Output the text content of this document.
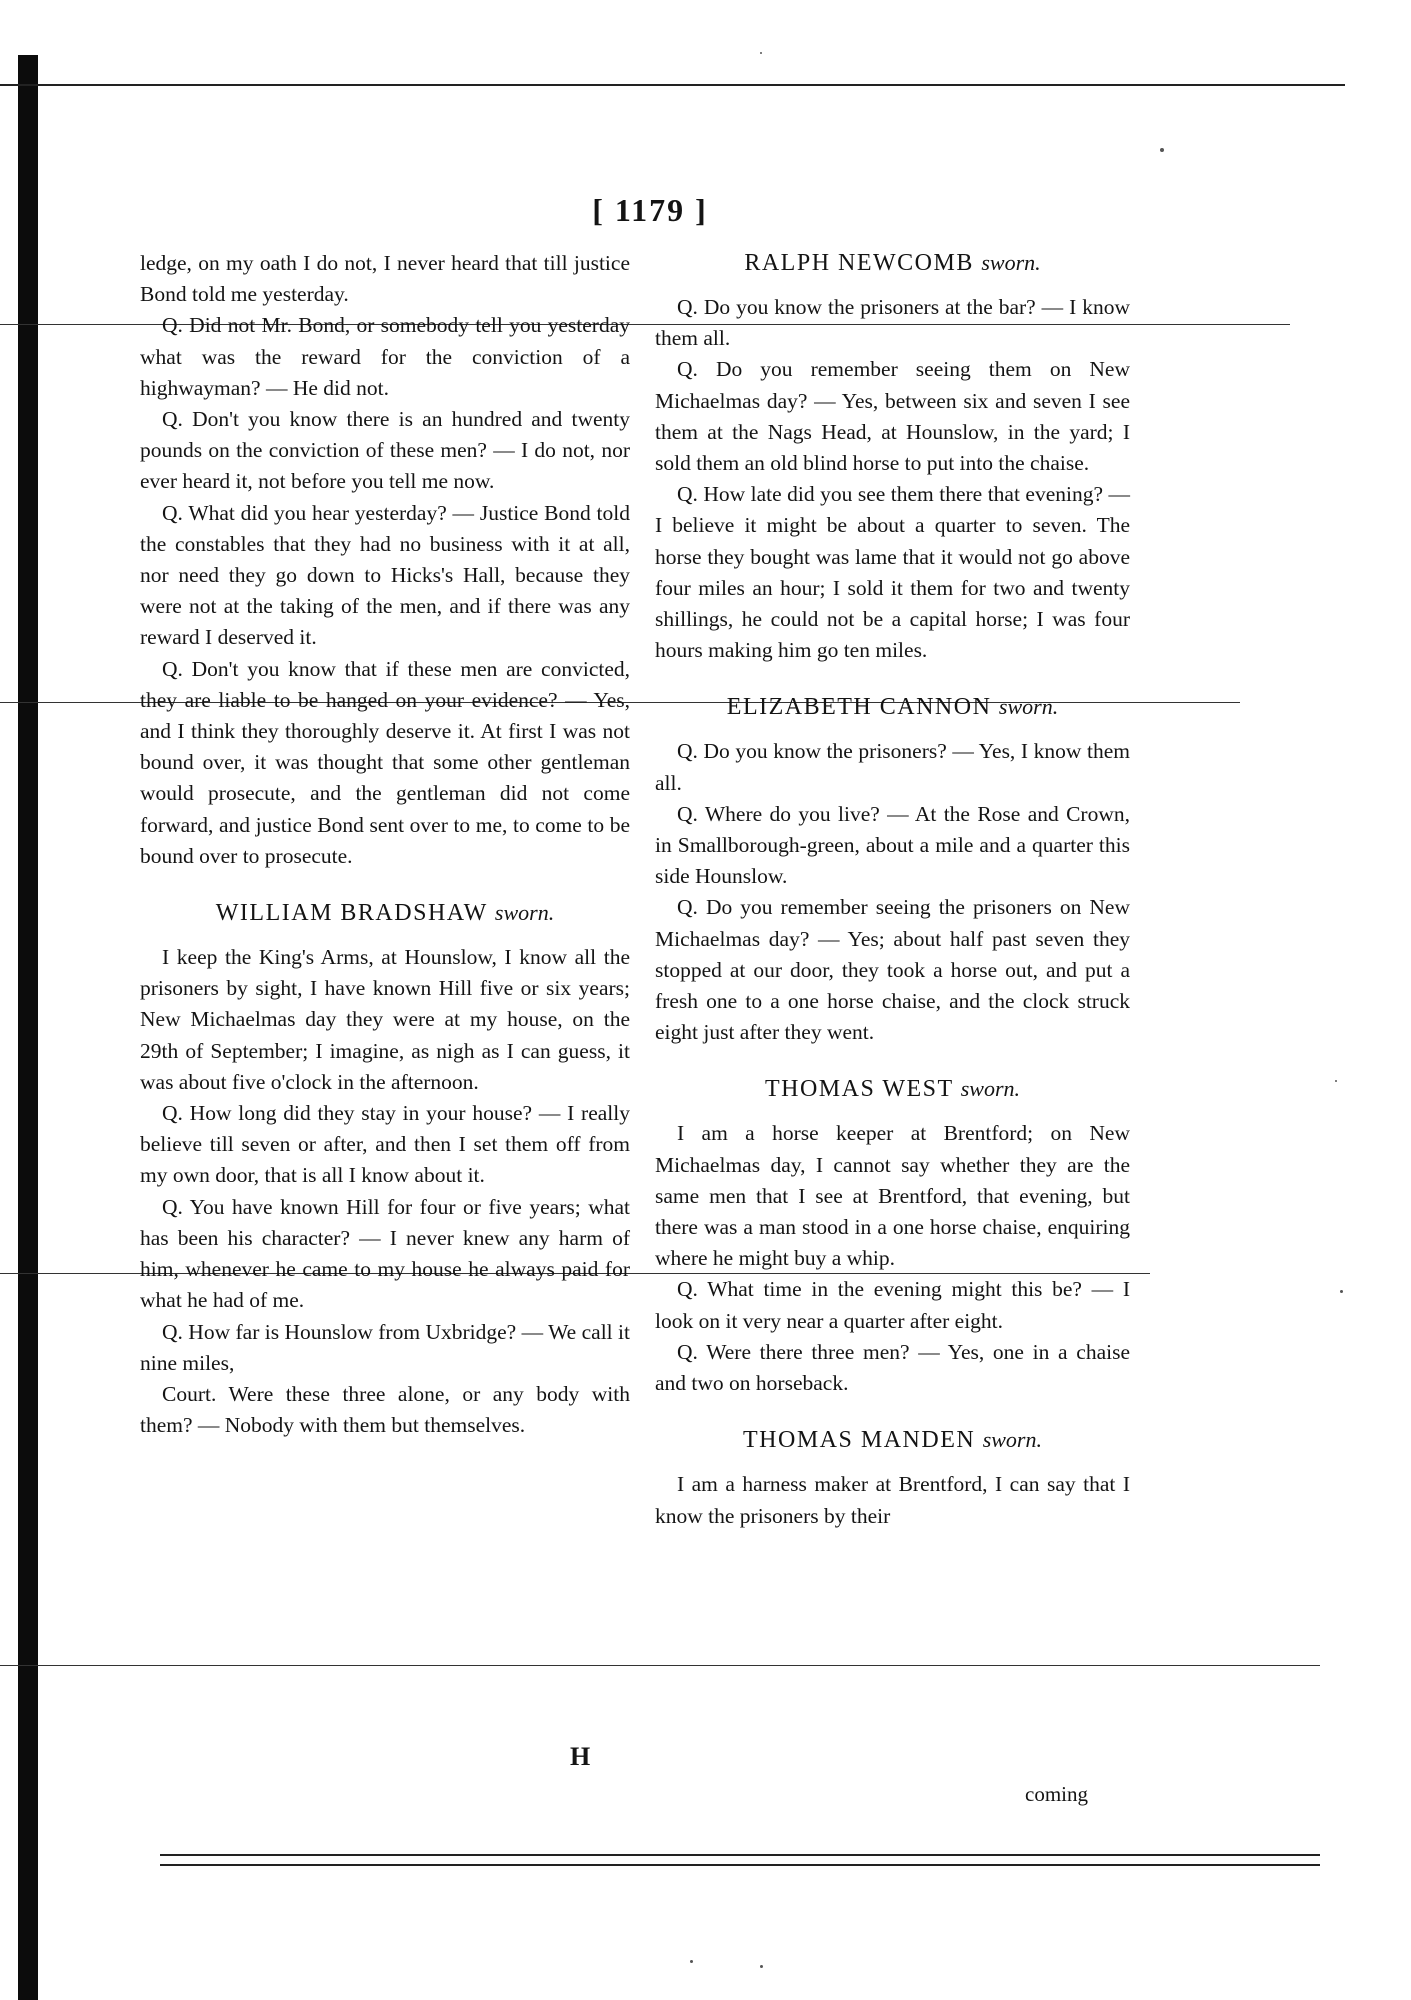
[ 1179 ]

ledge, on my oath I do not, I never heard that till justice Bond told me yesterday.

Q. Did not Mr. Bond, or somebody tell you yesterday what was the reward for the conviction of a highwayman? — He did not.

Q. Don't you know there is an hundred and twenty pounds on the conviction of these men? — I do not, nor ever heard it, not before you tell me now.

Q. What did you hear yesterday? — Justice Bond told the constables that they had no business with it at all, nor need they go down to Hicks's Hall, because they were not at the taking of the men, and if there was any reward I deserved it.

Q. Don't you know that if these men are convicted, they are liable to be hanged on your evidence? — Yes, and I think they thoroughly deserve it. At first I was not bound over, it was thought that some other gentleman would prosecute, and the gentleman did not come forward, and justice Bond sent over to me, to come to be bound over to prosecute.

WILLIAM BRADSHAW sworn.

I keep the King's Arms, at Hounslow, I know all the prisoners by sight, I have known Hill five or six years; New Michaelmas day they were at my house, on the 29th of September; I imagine, as nigh as I can guess, it was about five o'clock in the afternoon.

Q. How long did they stay in your house? — I really believe till seven or after, and then I set them off from my own door, that is all I know about it.

Q. You have known Hill for four or five years; what has been his character? — I never knew any harm of him, whenever he came to my house he always paid for what he had of me.

Q. How far is Hounslow from Uxbridge? — We call it nine miles,

Court. Were these three alone, or any body with them? — Nobody with them but themselves.

RALPH NEWCOMB sworn.

Q. Do you know the prisoners at the bar? — I know them all.

Q. Do you remember seeing them on New Michaelmas day? — Yes, between six and seven I see them at the Nags Head, at Hounslow, in the yard; I sold them an old blind horse to put into the chaise.

Q. How late did you see them there that evening? — I believe it might be about a quarter to seven. The horse they bought was lame that it would not go above four miles an hour; I sold it them for two and twenty shillings, he could not be a capital horse; I was four hours making him go ten miles.

ELIZABETH CANNON sworn.

Q. Do you know the prisoners? — Yes, I know them all.

Q. Where do you live? — At the Rose and Crown, in Smallborough-green, about a mile and a quarter this side Hounslow.

Q. Do you remember seeing the prisoners on New Michaelmas day? — Yes; about half past seven they stopped at our door, they took a horse out, and put a fresh one to a one horse chaise, and the clock struck eight just after they went.

THOMAS WEST sworn.

I am a horse keeper at Brentford; on New Michaelmas day, I cannot say whether they are the same men that I see at Brentford, that evening, but there was a man stood in a one horse chaise, enquiring where he might buy a whip.

Q. What time in the evening might this be? — I look on it very near a quarter after eight.

Q. Were there three men? — Yes, one in a chaise and two on horseback.

THOMAS MANDEN sworn.

I am a harness maker at Brentford, I can say that I know the prisoners by their

H
coming
